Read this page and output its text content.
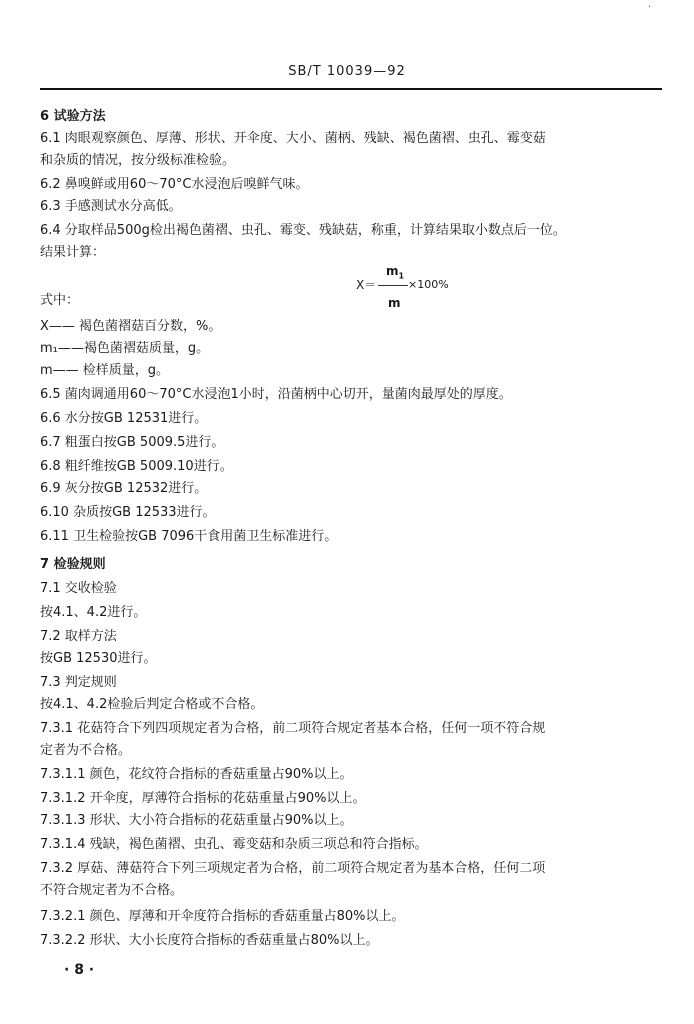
·
SB/T 10039—92
6 试验方法
6.1 肉眼观察颜色、厚薄、形状、开伞度、大小、菌柄、残缺、褐色菌褶、虫孔、霉变菇
和杂质的情况，按分级标准检验。
6.2 鼻嗅鲜或用60～70°C水浸泡后嗅鲜气味。
6.3 手感测试水分高低。
6.4 分取样品500g检出褐色菌褶、虫孔、霉变、残缺菇，称重，计算结果取小数点后一位。
结果计算：
式中：
X—— 褐色菌褶菇百分数，%。
m₁——褐色菌褶菇质量，g。
m—— 检样质量，g。
6.5 菌肉调通用60～70°C水浸泡1小时，沿菌柄中心切开，量菌肉最厚处的厚度。
6.6 水分按GB 12531进行。
6.7 粗蛋白按GB 5009.5进行。
6.8 粗纤维按GB 5009.10进行。
6.9 灰分按GB 12532进行。
6.10 杂质按GB 12533进行。
6.11 卫生检验按GB 7096干食用菌卫生标准进行。
7 检验规则
7.1 交收检验
按4.1、4.2进行。
7.2 取样方法
按GB 12530进行。
7.3 判定规则
按4.1、4.2检验后判定合格或不合格。
7.3.1 花菇符合下列四项规定者为合格，前二项符合规定者基本合格，任何一项不符合规
定者为不合格。
7.3.1.1 颜色，花纹符合指标的香菇重量占90%以上。
7.3.1.2 开伞度，厚薄符合指标的花菇重量占90%以上。
7.3.1.3 形状、大小符合指标的花菇重量占90%以上。
7.3.1.4 残缺，褐色菌褶、虫孔、霉变菇和杂质三项总和符合指标。
7.3.2 厚菇、薄菇符合下列三项规定者为合格，前二项符合规定者为基本合格，任何二项
不符合规定者为不合格。
7.3.2.1 颜色、厚薄和开伞度符合指标的香菇重量占80%以上。
7.3.2.2 形状、大小长度符合指标的香菇重量占80%以上。
X＝
$m_1$
m
×100%
· 8 ·
